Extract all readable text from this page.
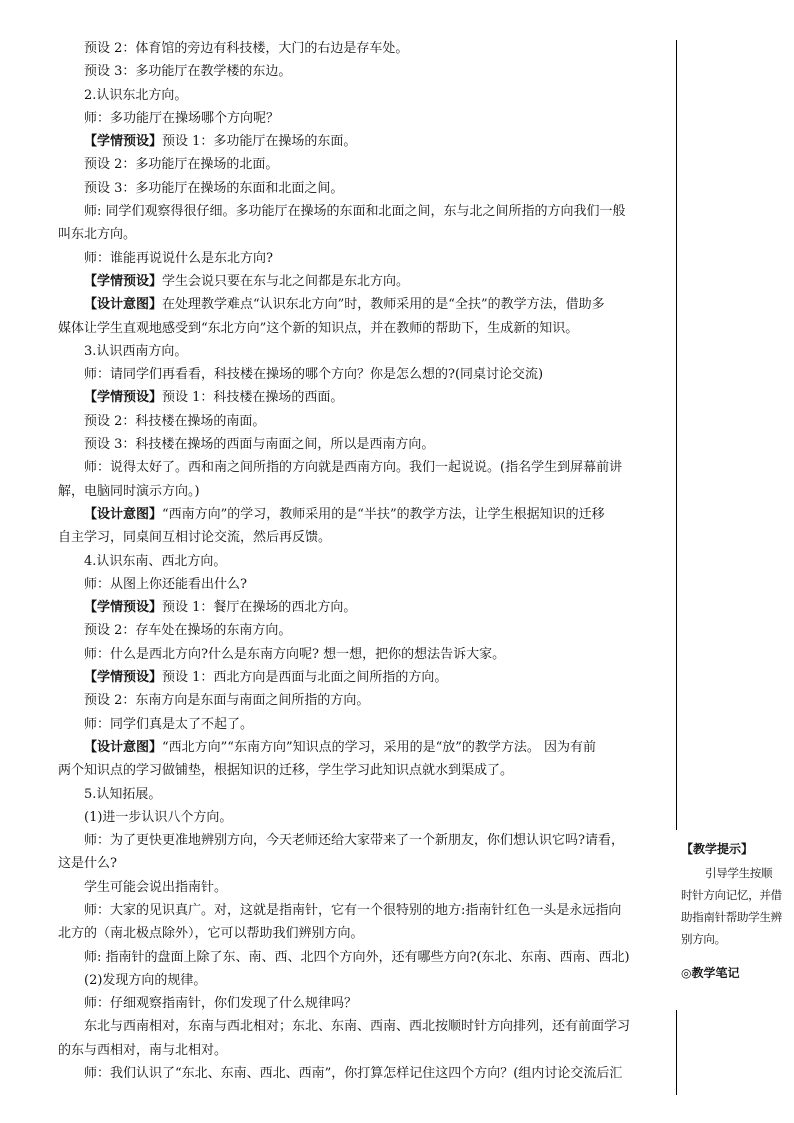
预设 2：体育馆的旁边有科技楼，大门的右边是存车处。
预设 3：多功能厅在教学楼的东边。
2.认识东北方向。
师：多功能厅在操场哪个方向呢？
【学情预设】预设 1：多功能厅在操场的东面。
预设 2：多功能厅在操场的北面。
预设 3：多功能厅在操场的东面和北面之间。
师: 同学们观察得很仔细。多功能厅在操场的东面和北面之间，东与北之间所指的方向我们一般
叫东北方向。
师：谁能再说说什么是东北方向?
【学情预设】学生会说只要在东与北之间都是东北方向。
【设计意图】在处理教学难点“认识东北方向”时，教师采用的是“全扶”的教学方法，借助多
媒体让学生直观地感受到“东北方向”这个新的知识点，并在教师的帮助下，生成新的知识。
3.认识西南方向。
师：请同学们再看看，科技楼在操场的哪个方向？你是怎么想的?(同桌讨论交流)
【学情预设】预设 1：科技楼在操场的西面。
预设 2：科技楼在操场的南面。
预设 3：科技楼在操场的西面与南面之间，所以是西南方向。
师：说得太好了。西和南之间所指的方向就是西南方向。我们一起说说。(指名学生到屏幕前讲
解，电脑同时演示方向。)
【设计意图】“西南方向”的学习，教师采用的是“半扶”的教学方法，让学生根据知识的迁移
自主学习，同桌间互相讨论交流，然后再反馈。
4.认识东南、西北方向。
师：从图上你还能看出什么?
【学情预设】预设 1：餐厅在操场的西北方向。
预设 2：存车处在操场的东南方向。
师：什么是西北方向?什么是东南方向呢? 想一想，把你的想法告诉大家。
【学情预设】预设 1：西北方向是西面与北面之间所指的方向。
预设 2：东南方向是东面与南面之间所指的方向。
师：同学们真是太了不起了。
【设计意图】“西北方向”“东南方向”知识点的学习，采用的是“放”的教学方法。 因为有前
两个知识点的学习做铺垫，根据知识的迁移，学生学习此知识点就水到渠成了。
5.认知拓展。
(1)进一步认识八个方向。
师：为了更快更准地辨别方向，今天老师还给大家带来了一个新朋友，你们想认识它吗?请看，
这是什么?
学生可能会说出指南针。
师：大家的见识真广。对，这就是指南针，它有一个很特别的地方:指南针红色一头是永远指向
北方的（南北极点除外），它可以帮助我们辨别方向。
师: 指南针的盘面上除了东、南、西、北四个方向外，还有哪些方向?(东北、东南、西南、西北)
(2)发现方向的规律。
师：仔细观察指南针，你们发现了什么规律吗？
东北与西南相对，东南与西北相对；东北、东南、西南、西北按顺时针方向排列，还有前面学习
的东与西相对，南与北相对。
师：我们认识了“东北、东南、西北、西南”，你打算怎样记住这四个方向？(组内讨论交流后汇
【教学提示】
引导学生按顺时针方向记忆，并借助指南针帮助学生辨别方向。
◎教学笔记
